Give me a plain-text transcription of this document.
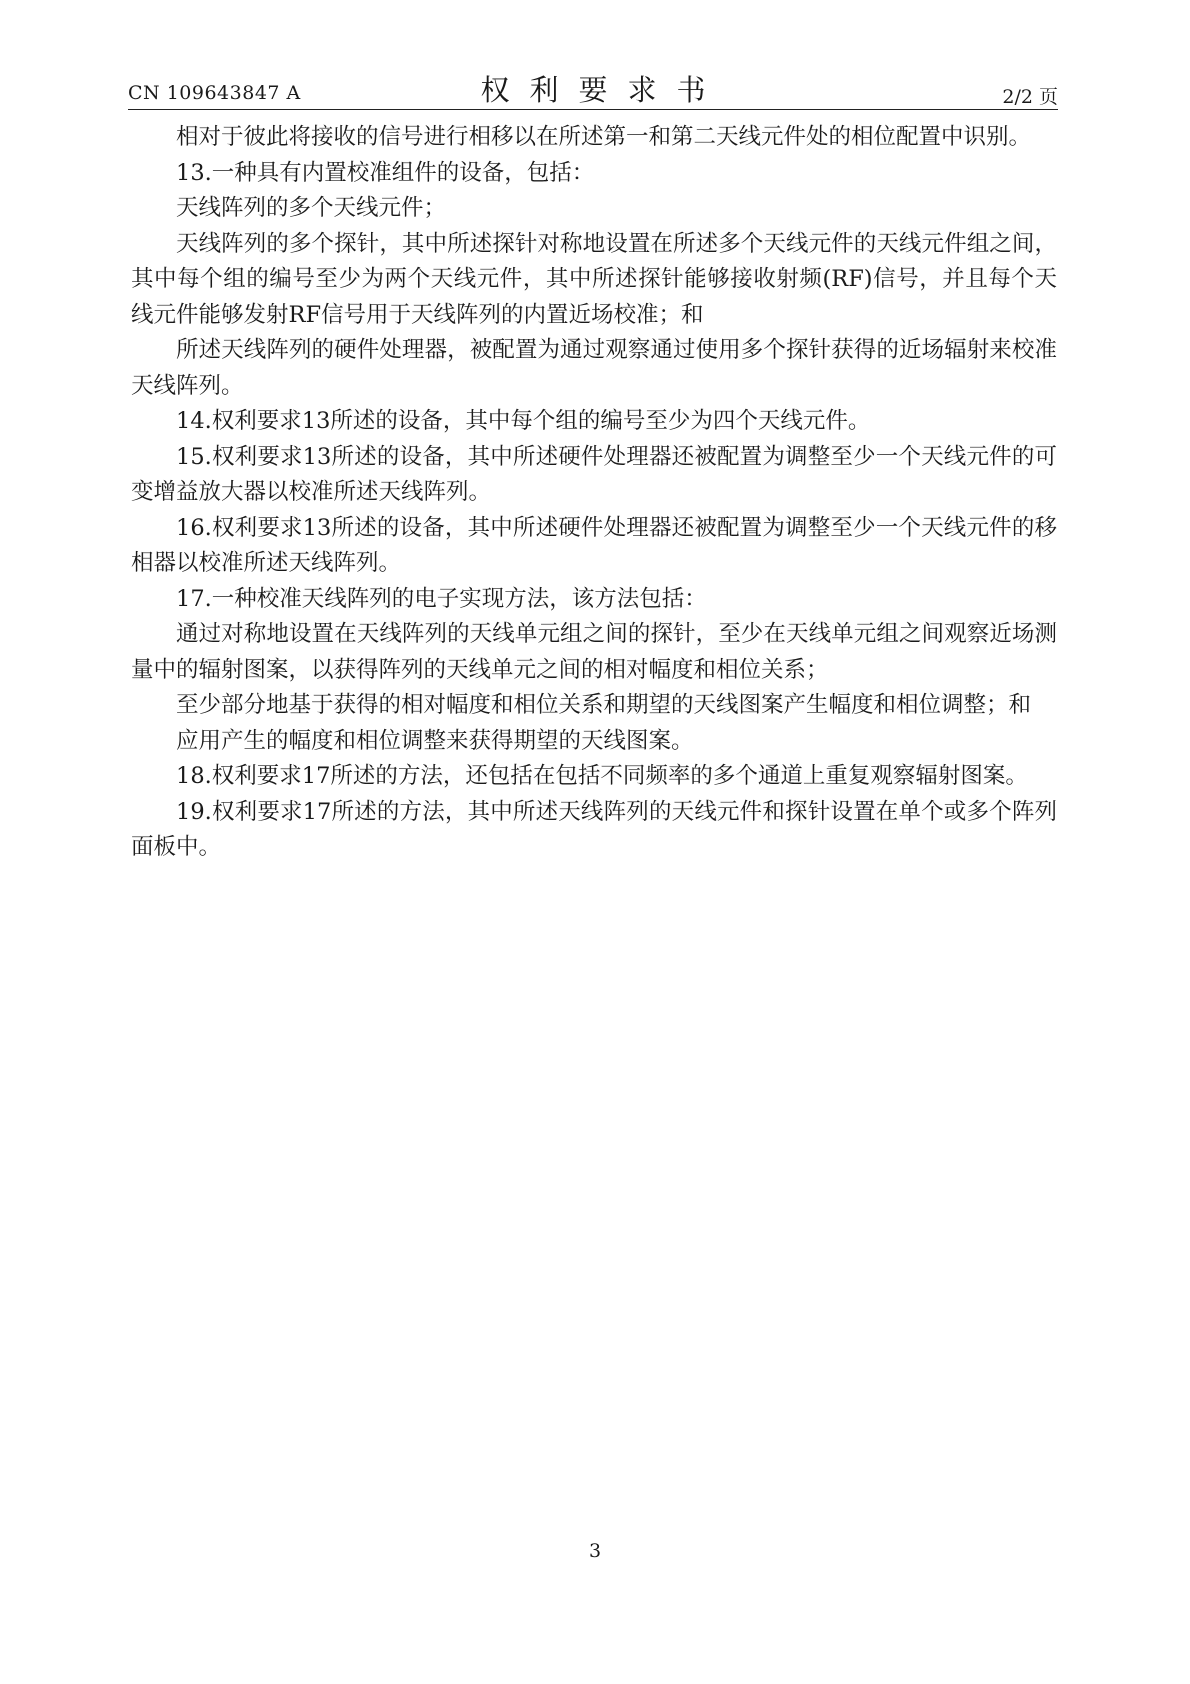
CN 109643847 A	权利要求书	2/2 页

相对于彼此将接收的信号进行相移以在所述第一和第二天线元件处的相位配置中识别。

13.一种具有内置校准组件的设备，包括：

天线阵列的多个天线元件；

天线阵列的多个探针，其中所述探针对称地设置在所述多个天线元件的天线元件组之间，其中每个组的编号至少为两个天线元件，其中所述探针能够接收射频(RF)信号，并且每个天线元件能够发射RF信号用于天线阵列的内置近场校准；和

所述天线阵列的硬件处理器，被配置为通过观察通过使用多个探针获得的近场辐射来校准天线阵列。

14.权利要求13所述的设备，其中每个组的编号至少为四个天线元件。

15.权利要求13所述的设备，其中所述硬件处理器还被配置为调整至少一个天线元件的可变增益放大器以校准所述天线阵列。

16.权利要求13所述的设备，其中所述硬件处理器还被配置为调整至少一个天线元件的移相器以校准所述天线阵列。

17.一种校准天线阵列的电子实现方法，该方法包括：

通过对称地设置在天线阵列的天线单元组之间的探针，至少在天线单元组之间观察近场测量中的辐射图案，以获得阵列的天线单元之间的相对幅度和相位关系；

至少部分地基于获得的相对幅度和相位关系和期望的天线图案产生幅度和相位调整；和

应用产生的幅度和相位调整来获得期望的天线图案。

18.权利要求17所述的方法，还包括在包括不同频率的多个通道上重复观察辐射图案。

19.权利要求17所述的方法，其中所述天线阵列的天线元件和探针设置在单个或多个阵列面板中。

3
